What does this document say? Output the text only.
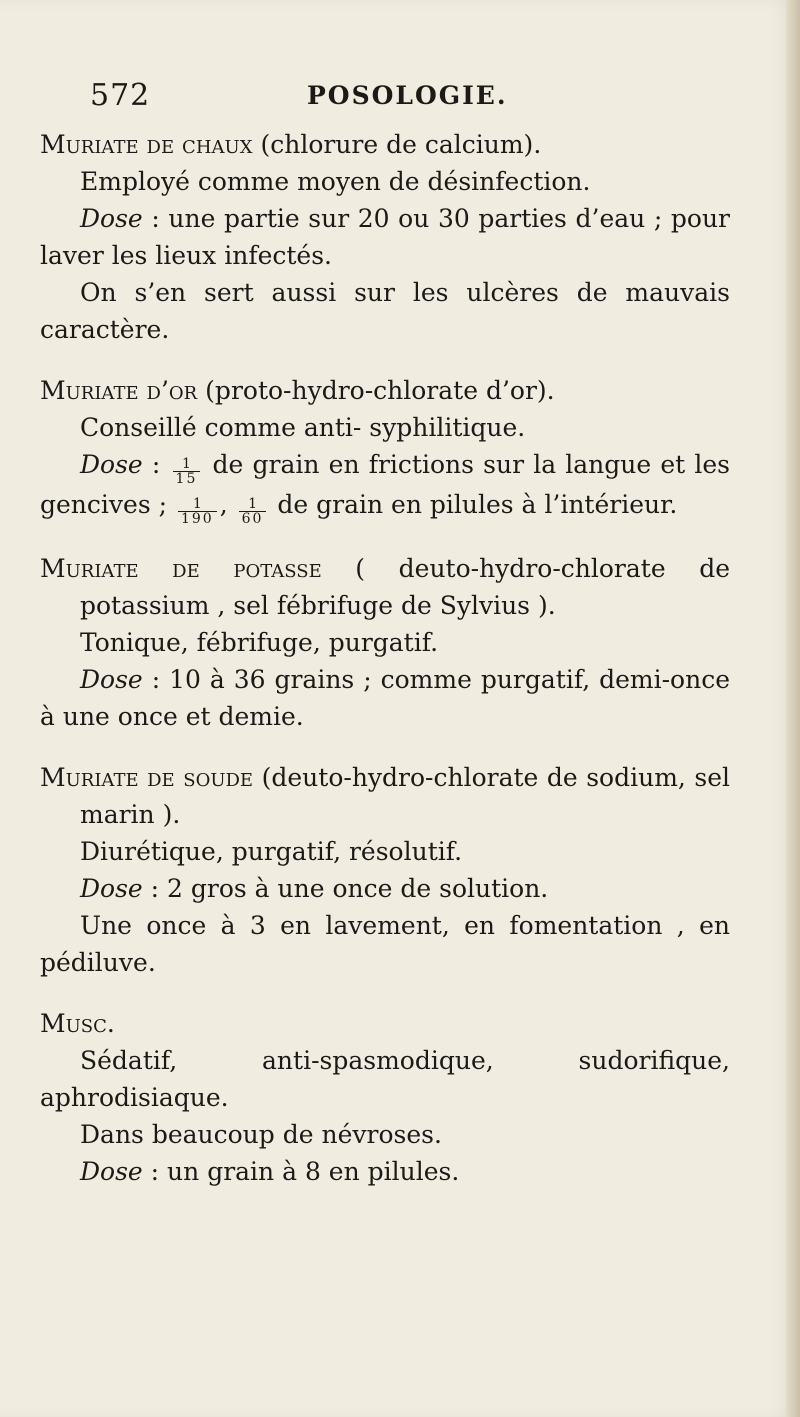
572	POSOLOGIE.

Muriate de chaux (chlorure de calcium).

Employé comme moyen de désinfection.

Dose : une partie sur 20 ou 30 parties d’eau ; pour laver les lieux infectés.

On s’en sert aussi sur les ulcères de mauvais caractère.

Muriate d’or (proto-hydro-chlorate d’or).

Conseillé comme anti- syphilitique.

Dose : $\frac{1}{15}$ de grain en frictions sur la langue et les gencives ; $\frac{1}{190}$ , $\frac{1}{60}$ de grain en pilules à l’intérieur.

Muriate de potasse ( deuto-hydro-chlorate de potassium , sel fébrifuge de Sylvius ).

Tonique, fébrifuge, purgatif.

Dose : 10 à 36 grains ; comme purgatif, demi-once à une once et demie.

Muriate de soude (deuto-hydro-chlorate de sodium, sel marin ).

Diurétique, purgatif, résolutif.

Dose : 2 gros à une once de solution.

Une once à 3 en lavement, en fomentation , en pédiluve.

Musc.

Sédatif, anti-spasmodique, sudorifique, aphrodisiaque.

Dans beaucoup de névroses.

Dose : un grain à 8 en pilules.
